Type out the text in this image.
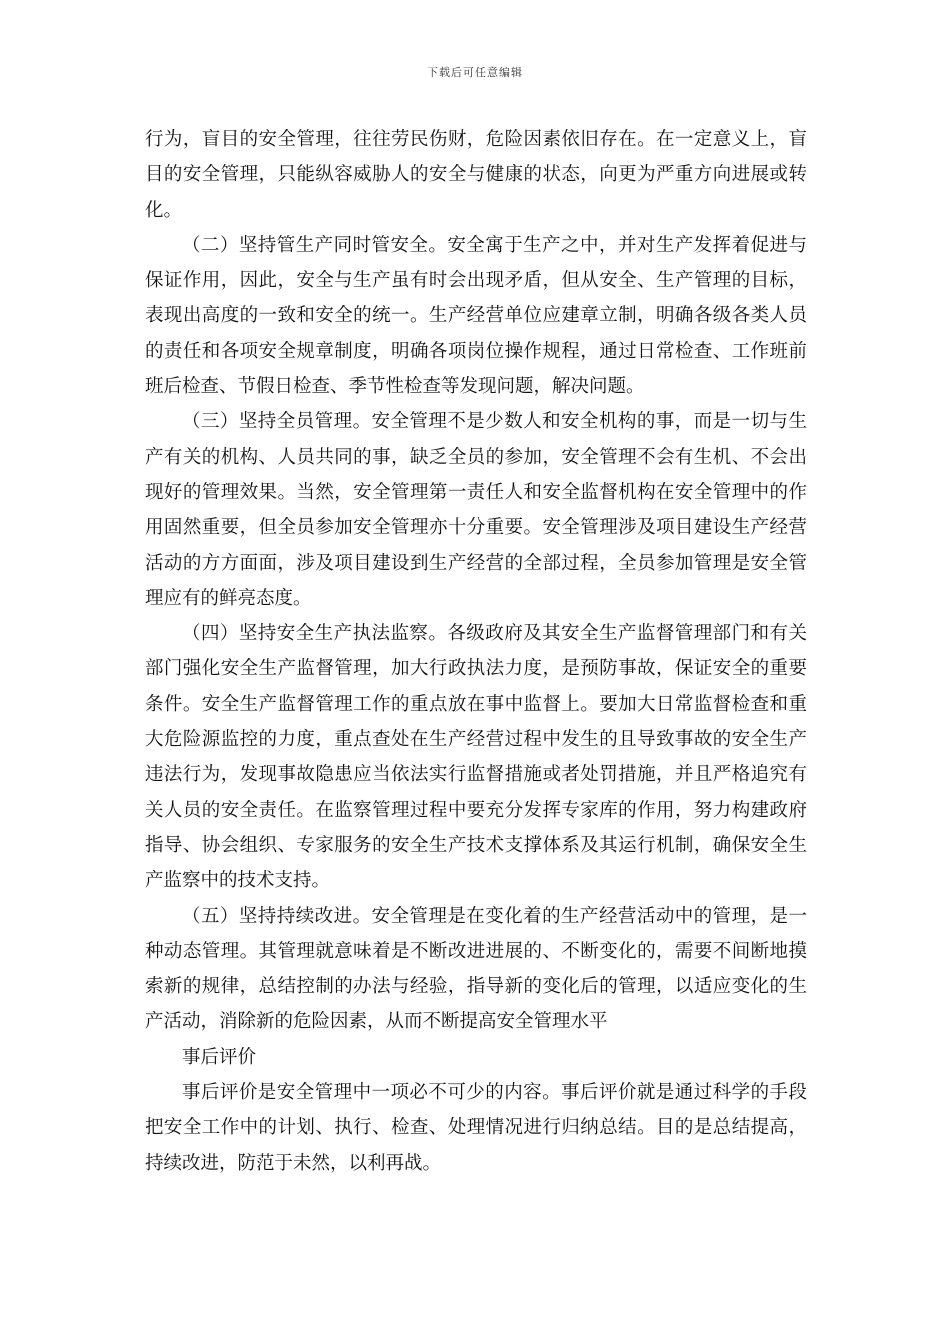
下载后可任意编辑

行为，盲目的安全管理，往往劳民伤财，危险因素依旧存在。在一定意义上，盲目的安全管理，只能纵容威胁人的安全与健康的状态，向更为严重方向进展或转化。

（二）坚持管生产同时管安全。安全寓于生产之中，并对生产发挥着促进与保证作用，因此，安全与生产虽有时会出现矛盾，但从安全、生产管理的目标，表现出高度的一致和安全的统一。生产经营单位应建章立制，明确各级各类人员的责任和各项安全规章制度，明确各项岗位操作规程，通过日常检查、工作班前班后检查、节假日检查、季节性检查等发现问题，解决问题。

（三）坚持全员管理。安全管理不是少数人和安全机构的事，而是一切与生产有关的机构、人员共同的事，缺乏全员的参加，安全管理不会有生机、不会出现好的管理效果。当然，安全管理第一责任人和安全监督机构在安全管理中的作用固然重要，但全员参加安全管理亦十分重要。安全管理涉及项目建设生产经营活动的方方面面，涉及项目建设到生产经营的全部过程，全员参加管理是安全管理应有的鲜亮态度。

（四）坚持安全生产执法监察。各级政府及其安全生产监督管理部门和有关部门强化安全生产监督管理，加大行政执法力度，是预防事故，保证安全的重要条件。安全生产监督管理工作的重点放在事中监督上。要加大日常监督检查和重大危险源监控的力度，重点查处在生产经营过程中发生的且导致事故的安全生产违法行为，发现事故隐患应当依法实行监督措施或者处罚措施，并且严格追究有关人员的安全责任。在监察管理过程中要充分发挥专家库的作用，努力构建政府指导、协会组织、专家服务的安全生产技术支撑体系及其运行机制，确保安全生产监察中的技术支持。

（五）坚持持续改进。安全管理是在变化着的生产经营活动中的管理，是一种动态管理。其管理就意味着是不断改进进展的、不断变化的，需要不间断地摸索新的规律，总结控制的办法与经验，指导新的变化后的管理，以适应变化的生产活动，消除新的危险因素，从而不断提高安全管理水平

事后评价

事后评价是安全管理中一项必不可少的内容。事后评价就是通过科学的手段把安全工作中的计划、执行、检查、处理情况进行归纳总结。目的是总结提高，持续改进，防范于未然，以利再战。
